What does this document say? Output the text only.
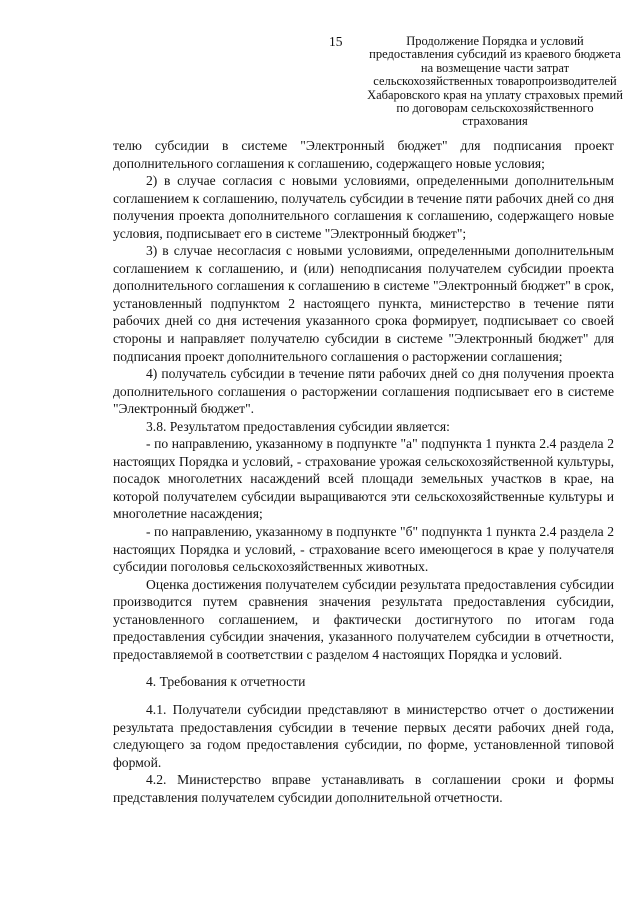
15	Продолжение Порядка и условий предоставления субсидий из краевого бюджета на возмещение части затрат сельскохозяйственных товаропроизводителей Хабаровского края на уплату страховых премий по договорам сельскохозяйственного страхования

телю субсидии в системе "Электронный бюджет" для подписания проект дополнительного соглашения к соглашению, содержащего новые условия;

2) в случае согласия с новыми условиями, определенными дополнительным соглашением к соглашению, получатель субсидии в течение пяти рабочих дней со дня получения проекта дополнительного соглашения к соглашению, содержащего новые условия, подписывает его в системе "Электронный бюджет";

3) в случае несогласия с новыми условиями, определенными дополнительным соглашением к соглашению, и (или) неподписания получателем субсидии проекта дополнительного соглашения к соглашению в системе "Электронный бюджет" в срок, установленный подпунктом 2 настоящего пункта, министерство в течение пяти рабочих дней со дня истечения указанного срока формирует, подписывает со своей стороны и направляет получателю субсидии в системе "Электронный бюджет" для подписания проект дополнительного соглашения о расторжении соглашения;

4) получатель субсидии в течение пяти рабочих дней со дня получения проекта дополнительного соглашения о расторжении соглашения подписывает его в системе "Электронный бюджет".

3.8. Результатом предоставления субсидии является:

- по направлению, указанному в подпункте "а" подпункта 1 пункта 2.4 раздела 2 настоящих Порядка и условий, - страхование урожая сельскохозяйственной культуры, посадок многолетних насаждений всей площади земельных участков в крае, на которой получателем субсидии выращиваются эти сельскохозяйственные культуры и многолетние насаждения;

- по направлению, указанному в подпункте "б" подпункта 1 пункта 2.4 раздела 2 настоящих Порядка и условий, - страхование всего имеющегося в крае у получателя субсидии поголовья сельскохозяйственных животных.

Оценка достижения получателем субсидии результата предоставления субсидии производится путем сравнения значения результата предоставления субсидии, установленного соглашением, и фактически достигнутого по итогам года предоставления субсидии значения, указанного получателем субсидии в отчетности, предоставляемой в соответствии с разделом 4 настоящих Порядка и условий.

4. Требования к отчетности

4.1. Получатели субсидии представляют в министерство отчет о достижении результата предоставления субсидии в течение первых десяти рабочих дней года, следующего за годом предоставления субсидии, по форме, установленной типовой формой.

4.2. Министерство вправе устанавливать в соглашении сроки и формы представления получателем субсидии дополнительной отчетности.
